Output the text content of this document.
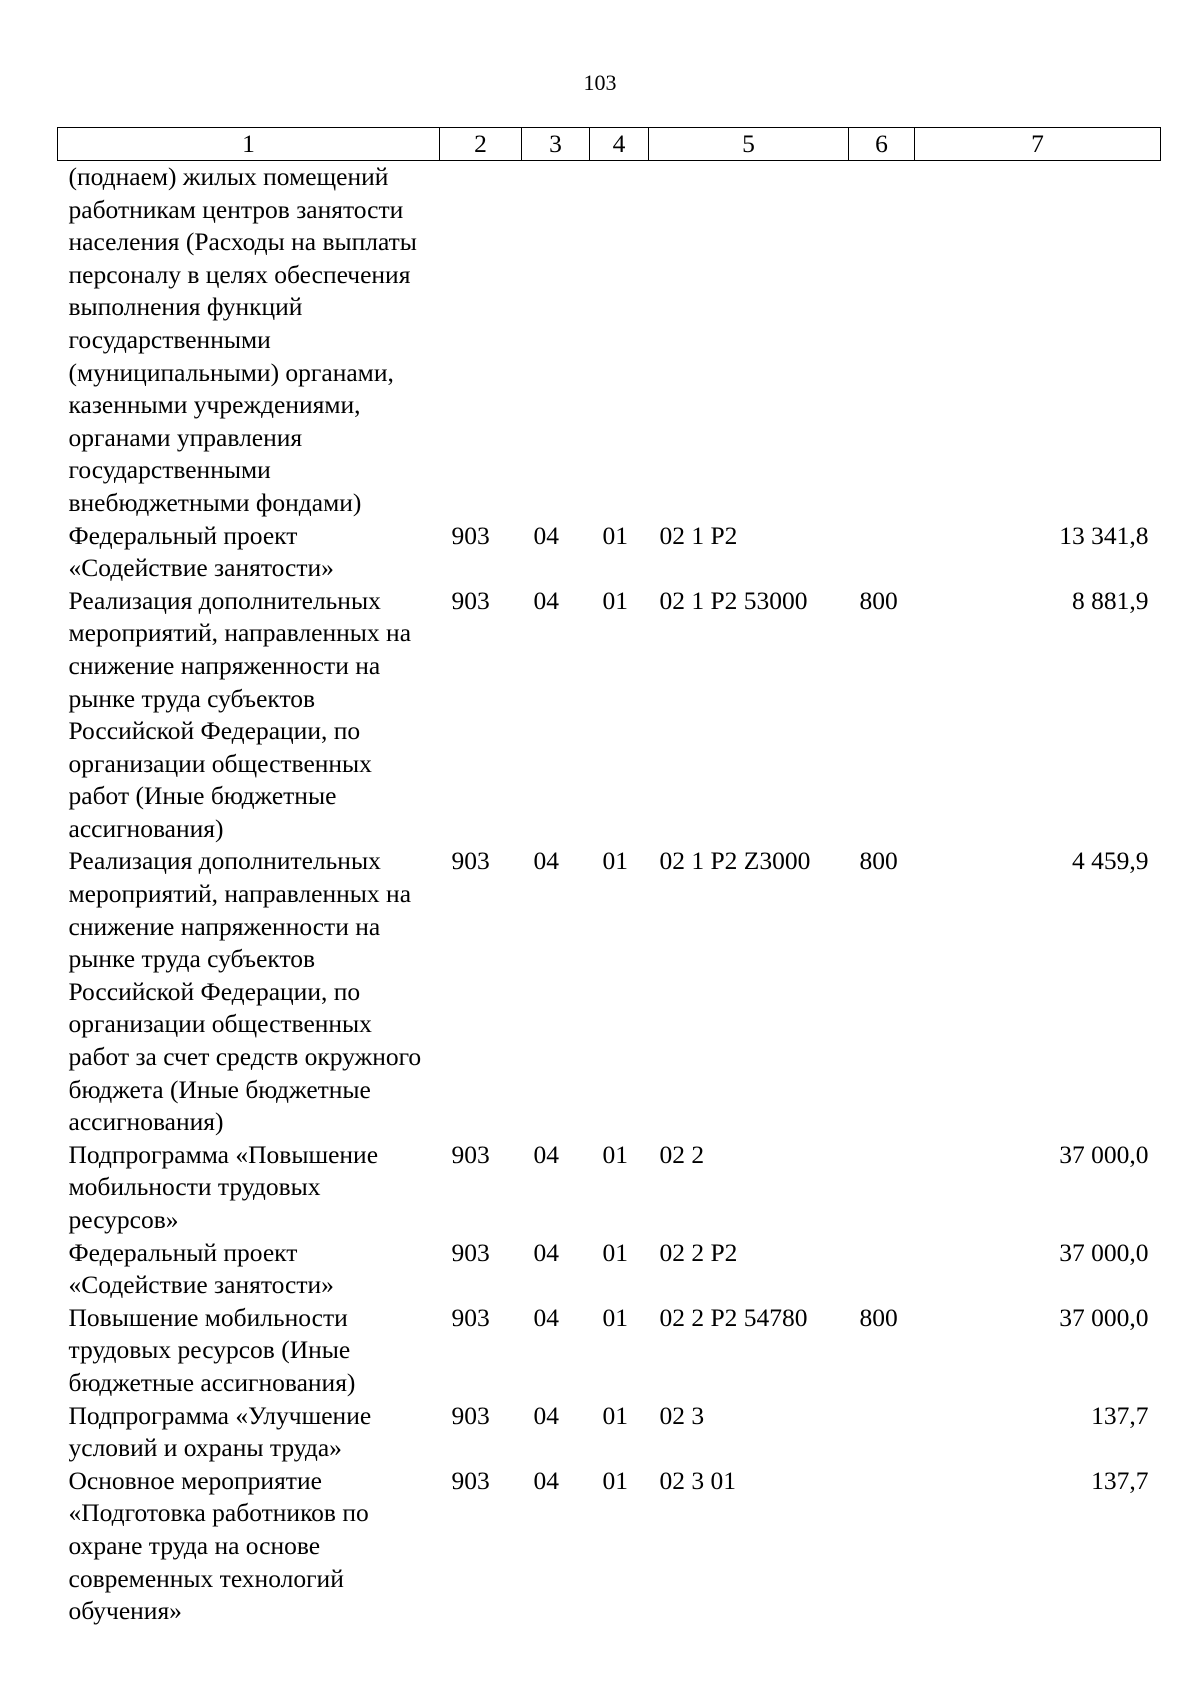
103
1	2	3	4	5	6	7
(поднаем) жилых помещений работникам центров занятости населения (Расходы на выплаты персоналу в целях обеспечения выполнения функций государственными (муниципальными) органами, казенными учреждениями, органами управления государственными внебюджетными фондами)						
Федеральный проект «Содействие занятости»	903	04	01	02 1 Р2		13 341,8
Реализация дополнительных мероприятий, направленных на снижение напряженности на рынке труда субъектов Российской Федерации, по организации общественных работ (Иные бюджетные ассигнования)	903	04	01	02 1 Р2 53000	800	8 881,9
Реализация дополнительных мероприятий, направленных на снижение напряженности на рынке труда субъектов Российской Федерации, по организации общественных работ за счет средств окружного бюджета (Иные бюджетные ассигнования)	903	04	01	02 1 Р2 Z3000	800	4 459,9
Подпрограмма «Повышение мобильности трудовых ресурсов»	903	04	01	02 2		37 000,0
Федеральный проект «Содействие занятости»	903	04	01	02 2 Р2		37 000,0
Повышение мобильности трудовых ресурсов (Иные бюджетные ассигнования)	903	04	01	02 2 Р2 54780	800	37 000,0
Подпрограмма «Улучшение условий и охраны труда»	903	04	01	02 3		137,7
Основное мероприятие «Подготовка работников по охране труда на основе современных технологий обучения»	903	04	01	02 3 01		137,7
